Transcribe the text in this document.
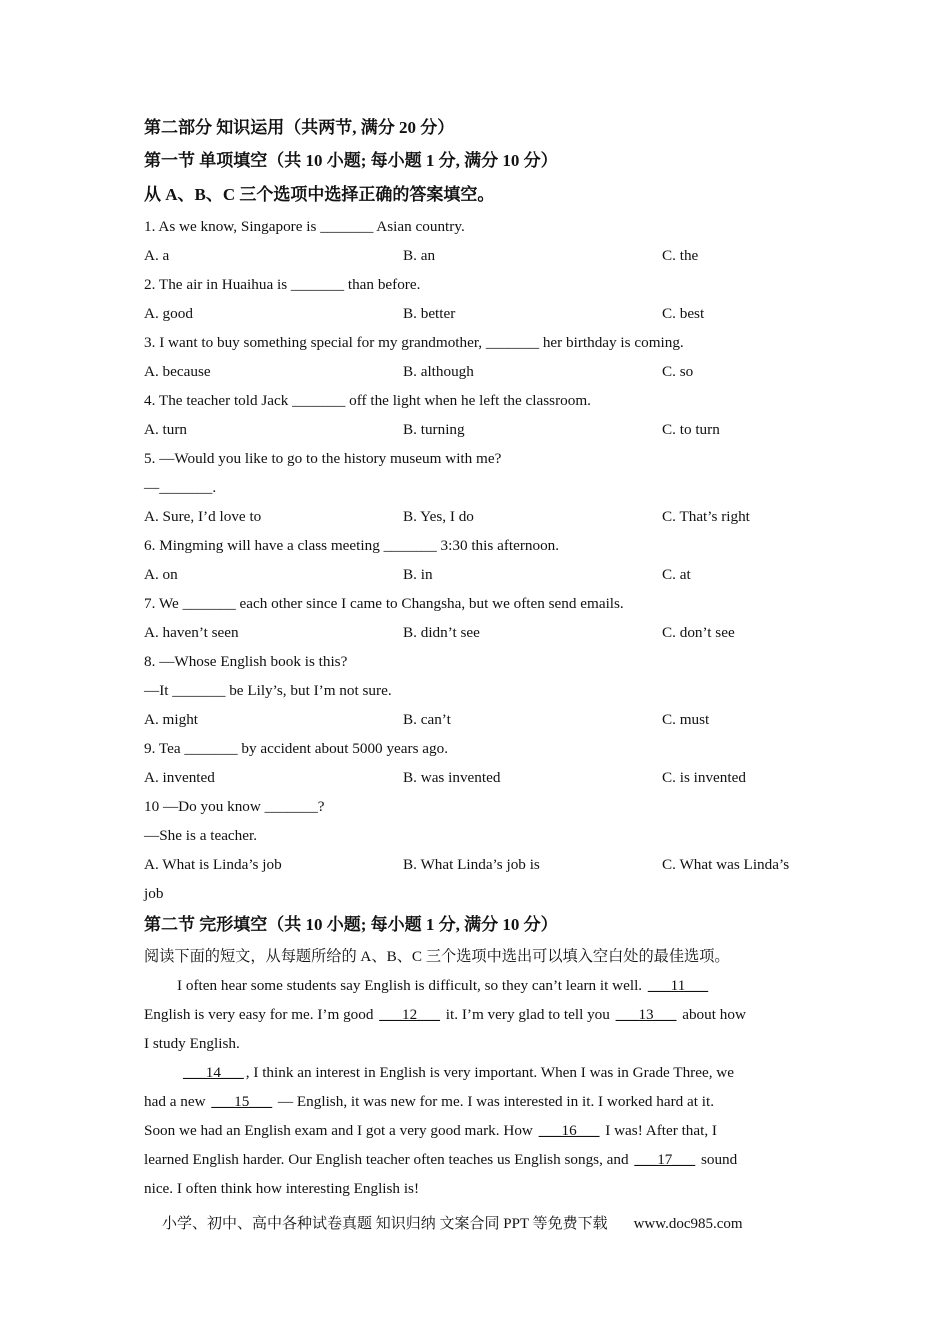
第二部分 知识运用（共两节, 满分 20 分）
第一节 单项填空（共 10 小题; 每小题 1 分, 满分 10 分）
从 A、B、C 三个选项中选择正确的答案填空。
1. As we know, Singapore is _______ Asian country.
A. a	B. an	C. the
2. The air in Huaihua is _______ than before.
A. good	B. better	C. best
3. I want to buy something special for my grandmother, _______ her birthday is coming.
A. because	B. although	C. so
4. The teacher told Jack _______ off the light when he left the classroom.
A. turn	B. turning	C. to turn
5. —Would you like to go to the history museum with me?
—_______.
A. Sure, I’d love to	B. Yes, I do	C. That’s right
6. Mingming will have a class meeting _______ 3:30 this afternoon.
A. on	B. in	C. at
7. We _______ each other since I came to Changsha, but we often send emails.
A. haven’t seen	B. didn’t see	C. don’t see
8. —Whose English book is this?
—It _______ be Lily’s, but I’m not sure.
A. might	B. can’t	C. must
9. Tea _______ by accident about 5000 years ago.
A. invented	B. was invented	C. is invented
10 —Do you know _______?
—She is a teacher.
A. What is Linda’s job	B. What Linda’s job is	C. What was Linda’s
job
第二节 完形填空（共 10 小题; 每小题 1 分, 满分 10 分）
阅读下面的短文，从每题所给的 A、B、C 三个选项中选出可以填入空白处的最佳选项。
I often hear some students say English is difficult, so they can’t learn it well. ___11___
English is very easy for me. I’m good ___12___ it. I’m very glad to tell you ___13___ about how
I study English.
___14___ , I think an interest in English is very important. When I was in Grade Three, we
had a new ___15___ — English, it was new for me. I was interested in it. I worked hard at it.
Soon we had an English exam and I got a very good mark. How ___16___ I was! After that, I
learned English harder. Our English teacher often teaches us English songs, and ___17___ sound
nice. I often think how interesting English is!
小学、初中、高中各种试卷真题 知识归纳 文案合同 PPT 等免费下载 www.doc985.com
